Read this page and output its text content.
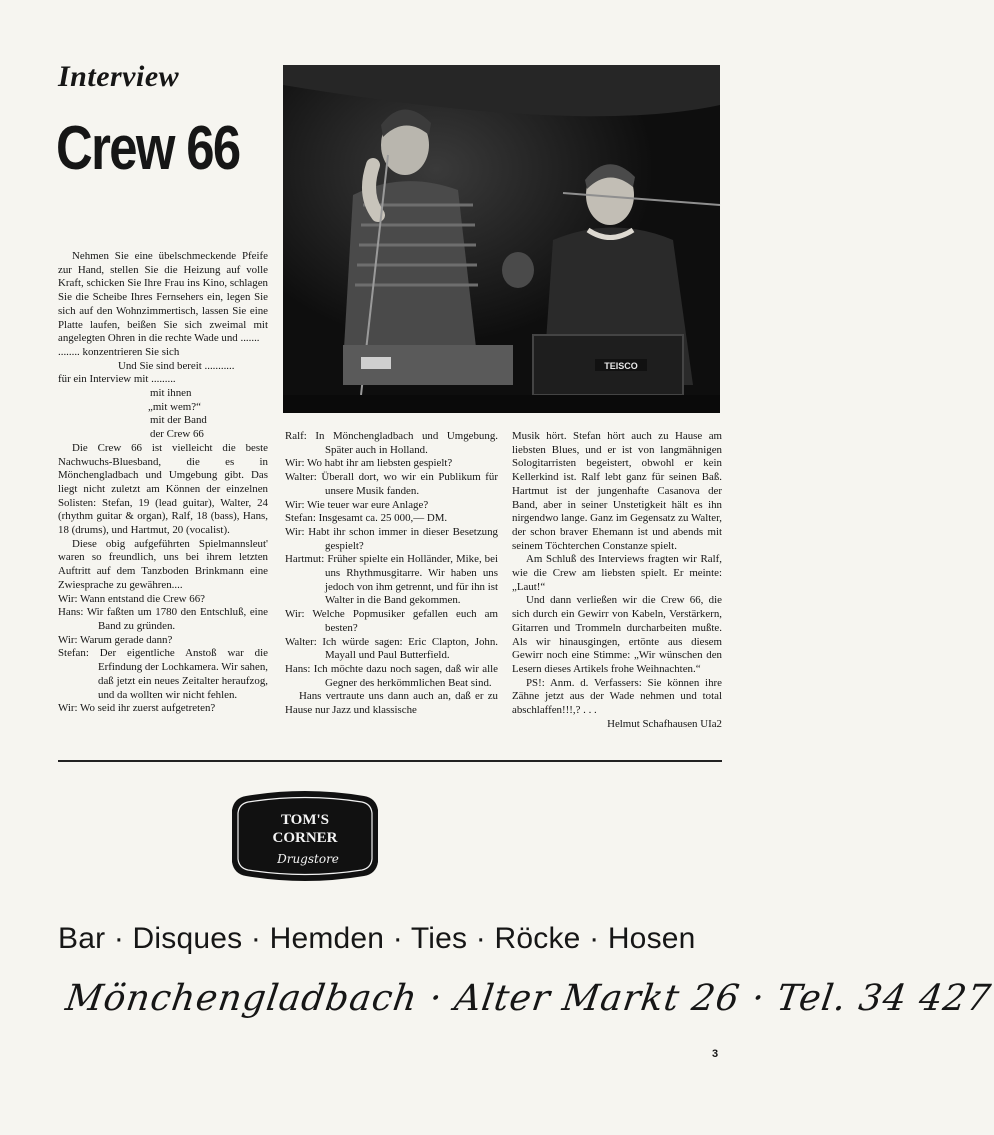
Interview
Crew 66
TEISCO

Nehmen Sie eine übelschmeckende Pfeife zur Hand, stellen Sie die Heizung auf volle Kraft, schicken Sie Ihre Frau ins Kino, schlagen Sie die Scheibe Ihres Fernsehers ein, legen Sie sich auf den Wohnzimmertisch, lassen Sie eine Platte laufen, beißen Sie sich zweimal mit angelegten Ohren in die rechte Wade und .......

........ konzentrieren Sie sich

Und Sie sind bereit ...........

für ein Interview mit .........

mit ihnen

„mit wem?“

mit der Band

der Crew 66

Die Crew 66 ist vielleicht die beste Nachwuchs-Bluesband, die es in Mönchengladbach und Umgebung gibt. Das liegt nicht zuletzt am Können der einzelnen Solisten: Stefan, 19 (lead guitar), Walter, 24 (rhythm guitar & organ), Ralf, 18 (bass), Hans, 18 (drums), und Hartmut, 20 (vocalist).

Diese obig aufgeführten Spielmannsleut' waren so freundlich, uns bei ihrem letzten Auftritt auf dem Tanzboden Brinkmann eine Zwiesprache zu gewähren....

Wir: Wann entstand die Crew 66?

Hans: Wir faßten um 1780 den Entschluß, eine Band zu gründen.

Wir: Warum gerade dann?

Stefan: Der eigentliche Anstoß war die Erfindung der Lochkamera. Wir sahen, daß jetzt ein neues Zeitalter heraufzog, und da wollten wir nicht fehlen.

Wir: Wo seid ihr zuerst aufgetreten?

Ralf: In Mönchengladbach und Umgebung. Später auch in Holland.

Wir: Wo habt ihr am liebsten gespielt?

Walter: Überall dort, wo wir ein Publikum für unsere Musik fanden.

Wir: Wie teuer war eure Anlage?

Stefan: Insgesamt ca. 25 000,— DM.

Wir: Habt ihr schon immer in dieser Besetzung gespielt?

Hartmut: Früher spielte ein Holländer, Mike, bei uns Rhythmusgitarre. Wir haben uns jedoch von ihm getrennt, und für ihn ist Walter in die Band gekommen.

Wir: Welche Popmusiker gefallen euch am besten?

Walter: Ich würde sagen: Eric Clapton, John. Mayall und Paul Butterfield.

Hans: Ich möchte dazu noch sagen, daß wir alle Gegner des herkömmlichen Beat sind.

Hans vertraute uns dann auch an, daß er zu Hause nur Jazz und klassische

Musik hört. Stefan hört auch zu Hause am liebsten Blues, und er ist von langmähnigen Sologitarristen begeistert, obwohl er kein Kellerkind ist. Ralf lebt ganz für seinen Baß. Hartmut ist der jungenhafte Casanova der Band, aber in seiner Unstetigkeit hält es ihn nirgendwo lange. Ganz im Gegensatz zu Walter, der schon braver Ehemann ist und abends mit seinem Töchterchen Constanze spielt.

Am Schluß des Interviews fragten wir Ralf, wie die Crew am liebsten spielt. Er meinte: „Laut!“

Und dann verließen wir die Crew 66, die sich durch ein Gewirr von Kabeln, Verstärkern, Gitarren und Trommeln durcharbeiten mußte. Als wir hinausgingen, ertönte aus diesem Gewirr noch eine Stimme: „Wir wünschen den Lesern dieses Artikels frohe Weihnachten.“

PS!: Anm. d. Verfassers: Sie können ihre Zähne jetzt aus der Wade nehmen und total abschlaffen!!!,? . . .

Helmut Schafhausen UIa2

TOM'S
CORNER
Drugstore
Bar · Disques · Hemden · Ties · Röcke · Hosen
Mönchengladbach · Alter Markt 26 · Tel. 34 427
3
